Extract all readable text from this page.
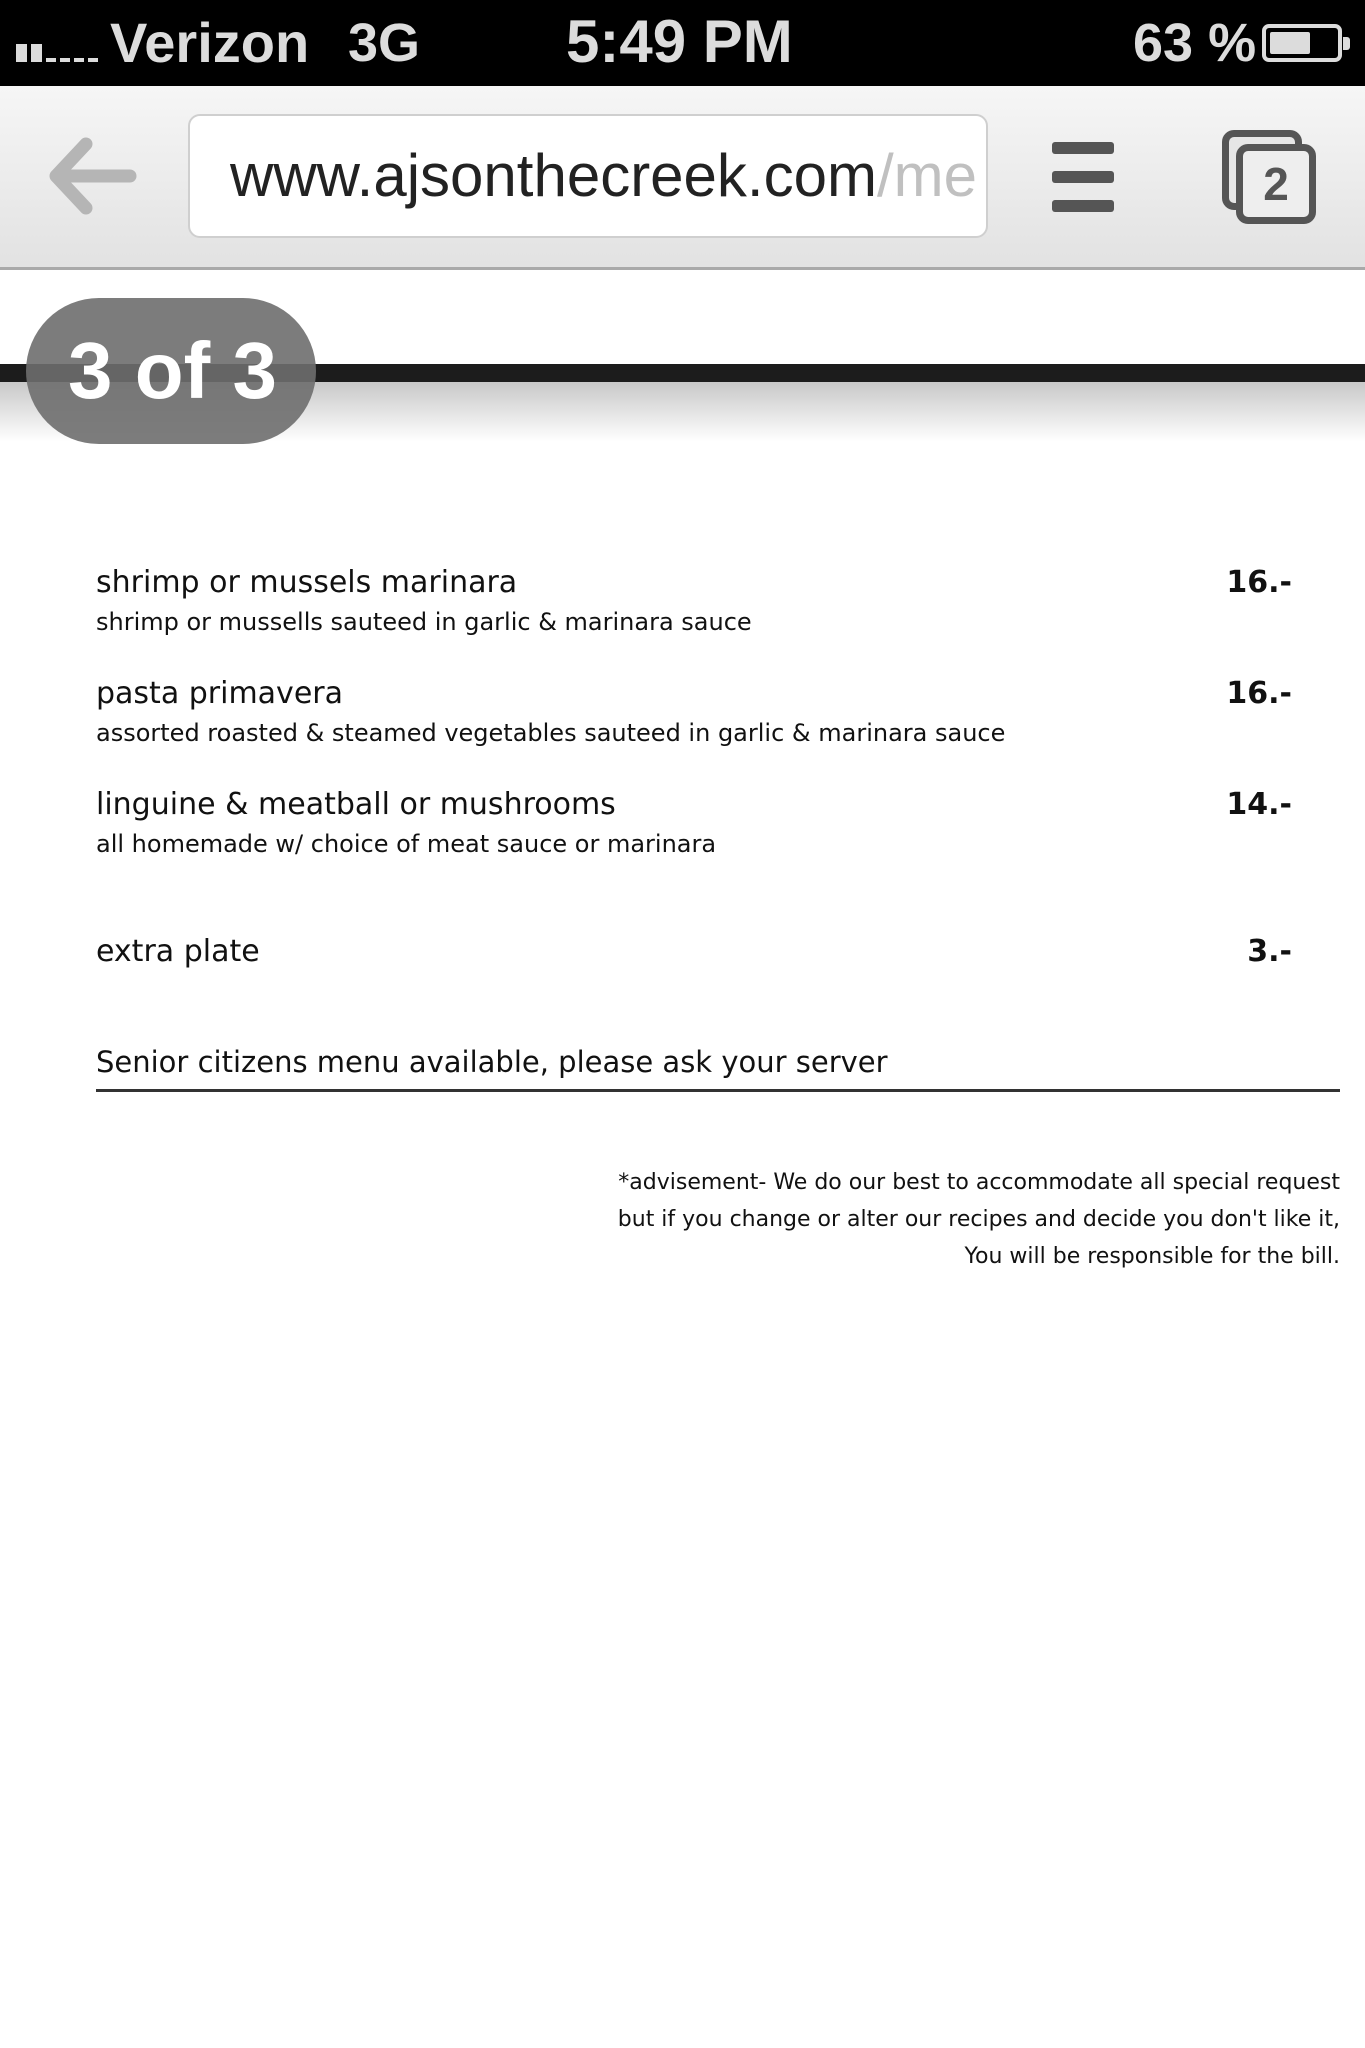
Verizon 3G 5:49 PM	63 %
www.ajsonthecreek.com/me	2
3 of 3
shrimp or mussels marinara
shrimp or mussells sauteed in garlic & marinara sauce
16.-
pasta primavera
assorted roasted & steamed vegetables sauteed in garlic & marinara sauce
16.-
linguine & meatball or mushrooms
all homemade w/ choice of meat sauce or marinara
14.-
extra plate	3.-
Senior citizens menu available, please ask your server
*advisement- We do our best to accommodate all special request
but if you change or alter our recipes and decide you don't like it,
You will be responsible for the bill.
